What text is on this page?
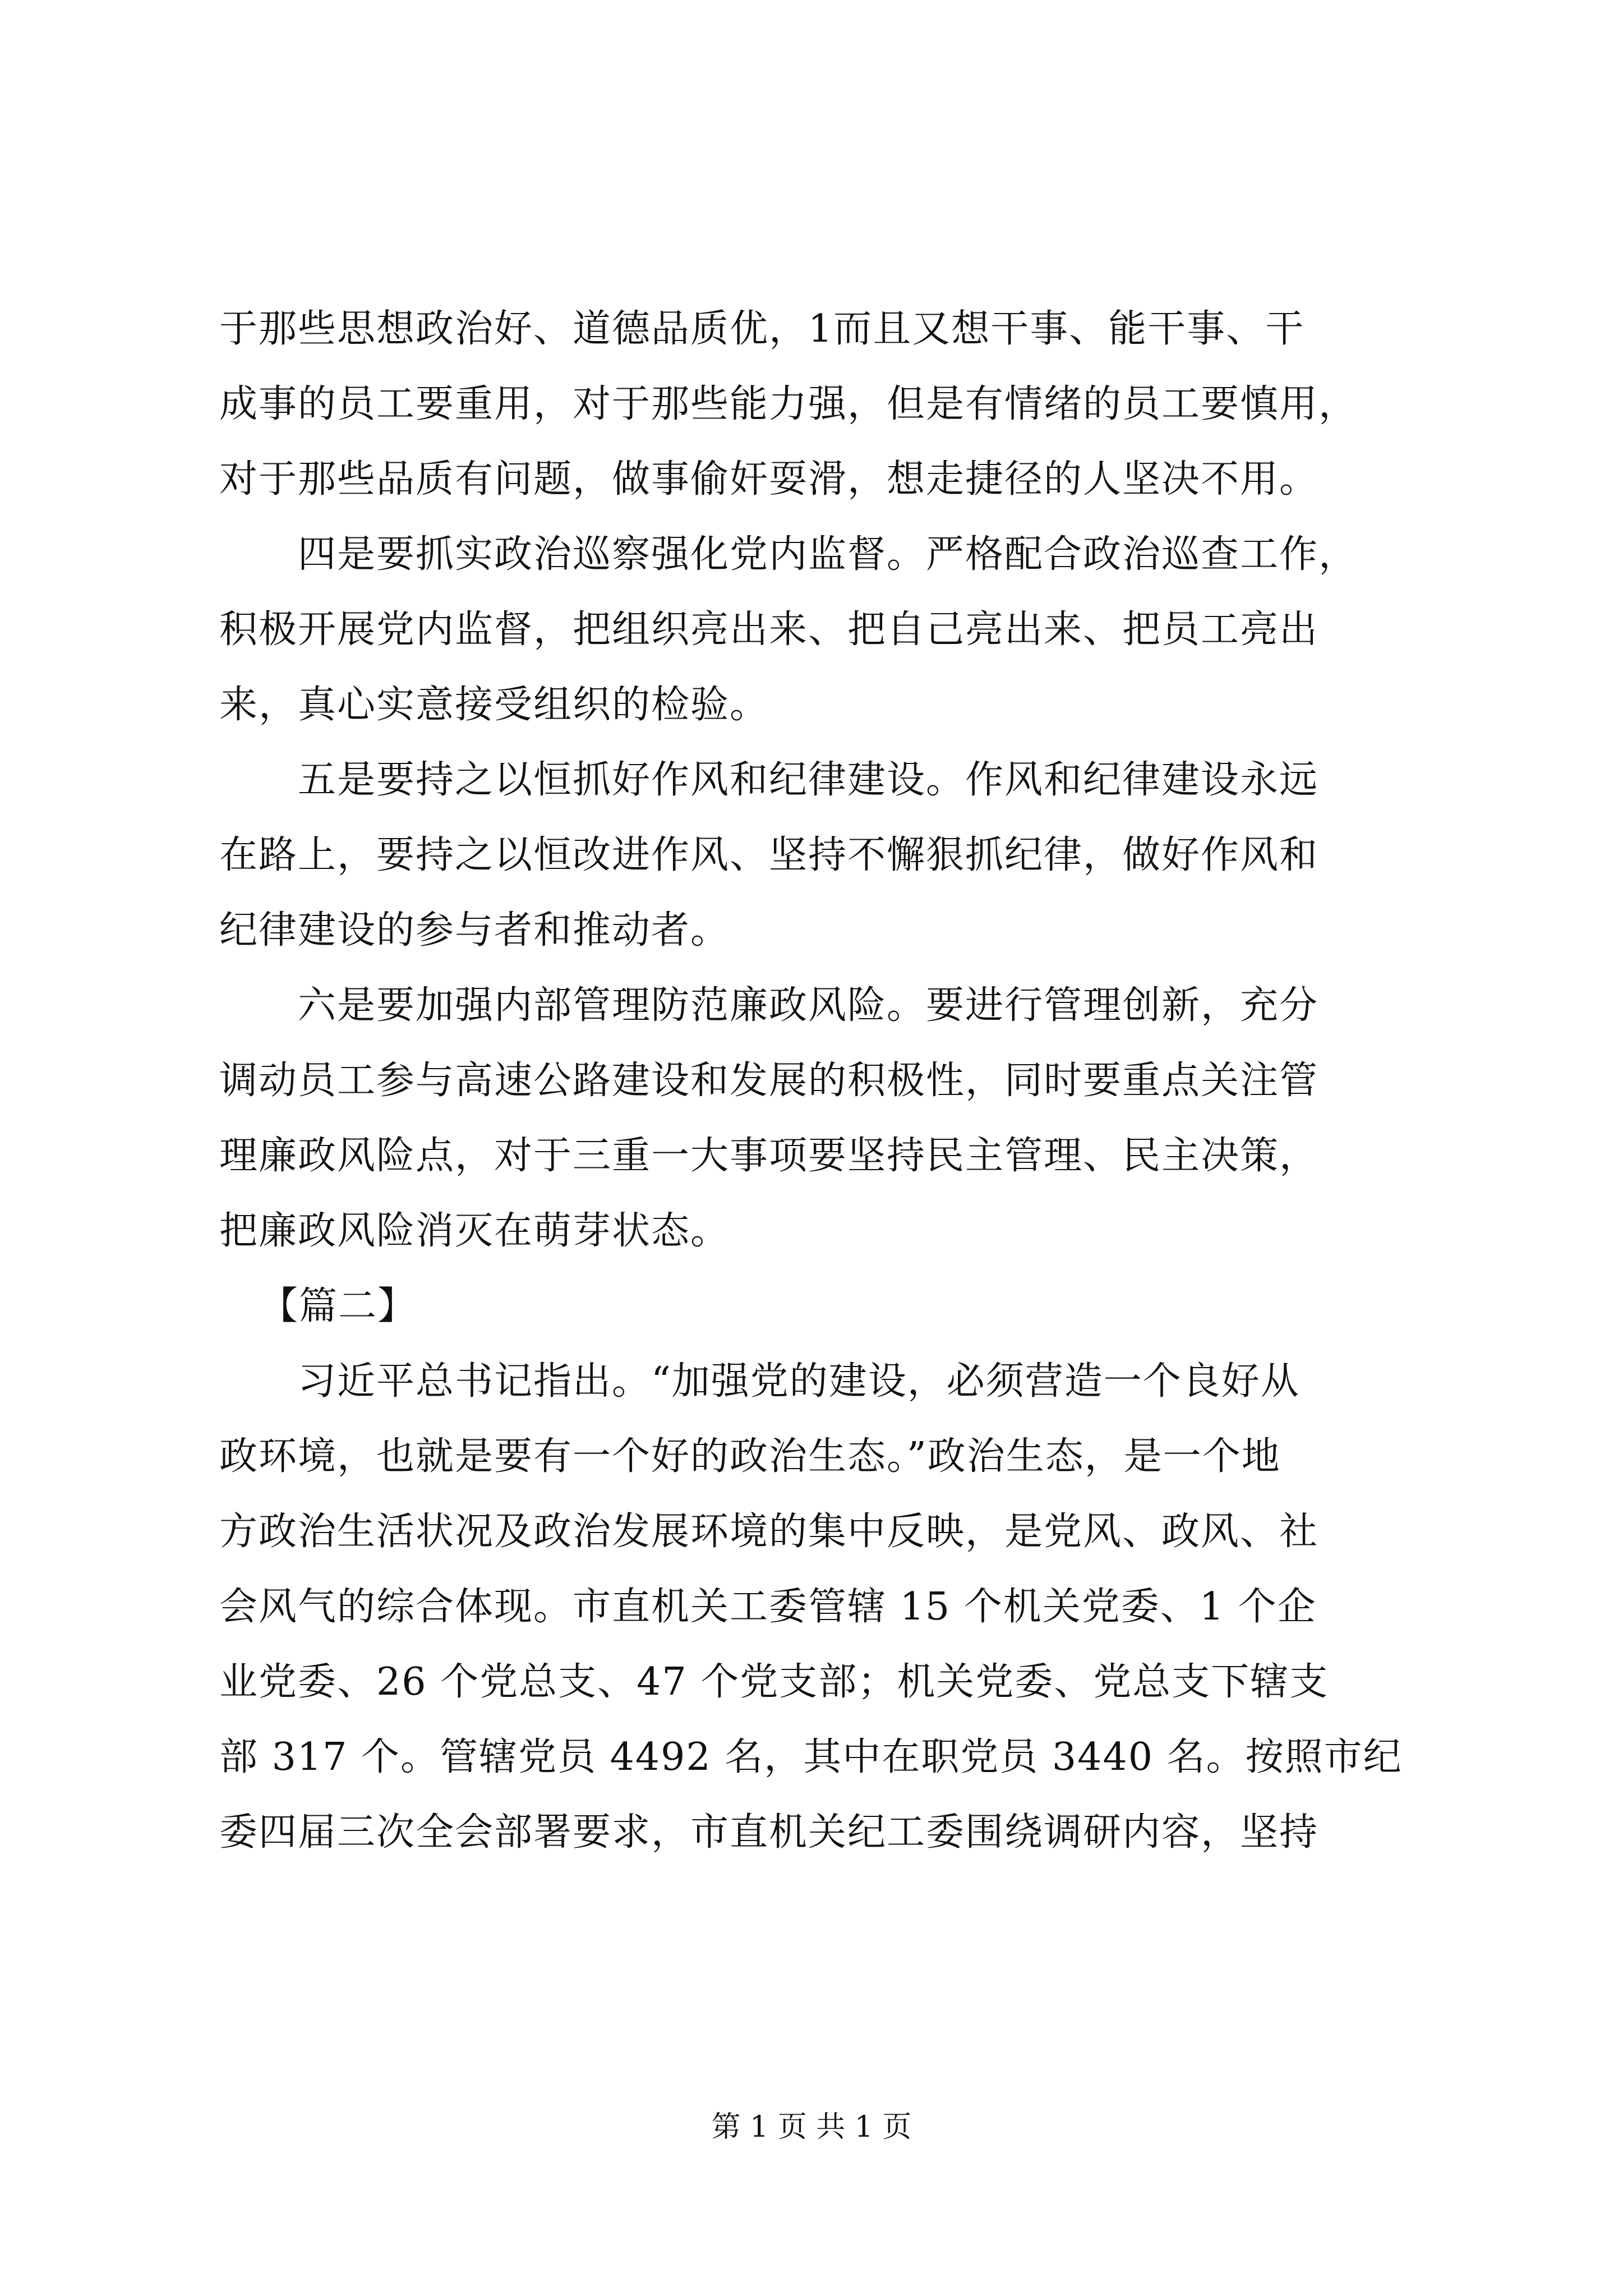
于那些思想政治好、道德品质优，1而且又想干事、能干事、干
成事的员工要重用，对于那些能力强，但是有情绪的员工要慎用，
对于那些品质有问题，做事偷奸耍滑，想走捷径的人坚决不用。
四是要抓实政治巡察强化党内监督。严格配合政治巡查工作，
积极开展党内监督，把组织亮出来、把自己亮出来、把员工亮出
来，真心实意接受组织的检验。
五是要持之以恒抓好作风和纪律建设。作风和纪律建设永远
在路上，要持之以恒改进作风、坚持不懈狠抓纪律，做好作风和
纪律建设的参与者和推动者。
六是要加强内部管理防范廉政风险。要进行管理创新，充分
调动员工参与高速公路建设和发展的积极性，同时要重点关注管
理廉政风险点，对于三重一大事项要坚持民主管理、民主决策，
把廉政风险消灭在萌芽状态。
【篇二】
习近平总书记指出。“加强党的建设，必须营造一个良好从
政环境，也就是要有一个好的政治生态。”政治生态，是一个地
方政治生活状况及政治发展环境的集中反映，是党风、政风、社
会风气的综合体现。市直机关工委管辖 15 个机关党委、1 个企
业党委、26 个党总支、47 个党支部；机关党委、党总支下辖支
部 317 个。管辖党员 4492 名，其中在职党员 3440 名。按照市纪
委四届三次全会部署要求，市直机关纪工委围绕调研内容，坚持
第 1 页 共 1 页
